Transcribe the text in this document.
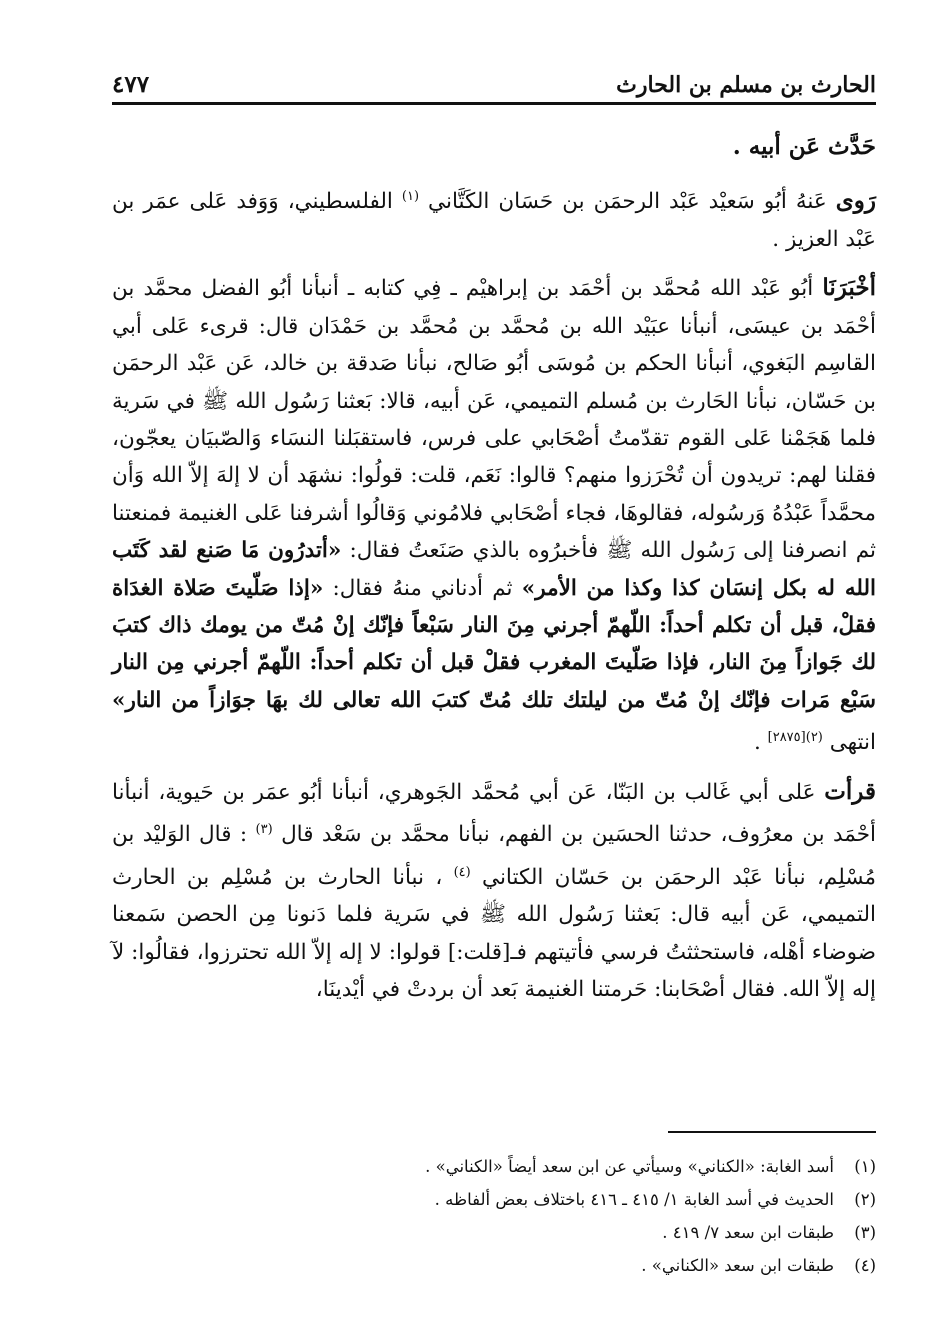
الحارث بن مسلم بن الحارث
٤٧٧

حَدَّث عَن أبيه .

رَوى عَنهُ أبُو سَعيْد عَبْد الرحمَن بن حَسَان الكَتَّاني $^{(١)}$ الفلسطيني، وَوَفد عَلى عمَر بن عَبْد العزيز .

أخْبَرَنَا أبُو عَبْد الله مُحمَّد بن أحْمَد بن إبراهيْم ـ فِي كتابه ـ أنبأنا أبُو الفضل محمَّد بن أحْمَد بن عيسَى، أنبأنا عبَيْد الله بن مُحمَّد بن مُحمَّد بن حَمْدَان قال: قرىء عَلى أبي القاسِم البَغوي، أنبأنا الحكم بن مُوسَى أبُو صَالح، نبأنا صَدقة بن خالد، عَن عَبْد الرحمَن بن حَسّان، نبأنا الحَارث بن مُسلم التميمي، عَن أبيه، قالا: بَعثنا رَسُول الله ﷺ في سَرية فلما هَجَمْنا عَلى القوم تقدّمتُ أصْحَابي على فرس، فاستقبَلنا النسَاء وَالصّبيَان يعجّون، فقلنا لهم: تريدون أن تُحْرَزوا منهم؟ قالوا: نَعَم، قلت: قولُوا: نشهَد أن لا إلهَ إلاّ الله وَأن محمَّداً عَبْدُهُ وَرسُوله، فقالوهَا، فجاء أصْحَابي فلامُوني وَقالُوا أشرفنا عَلى الغنيمة فمنعتنا ثم انصرفنا إلى رَسُول الله ﷺ فأخبرُوه بالذي صَنَعتُ فقال: «أتدرُون مَا صَنع لقد كَتَب الله له بكل إنسَان كذا وكذا من الأمر» ثم أدناني منهُ فقال: «إذا صَلّيتَ صَلاة الغدَاة فقلْ، قبل أن تكلم أحداً: اللّهمّ أجرني مِنَ النار سَبْعاً فإنّك إنْ مُتّ من يومك ذاك كتبَ لك جَوازاً مِنَ النار، فإذا صَلّيتَ المغرب فقلْ قبل أن تكلم أحداً: اللّهمّ أجرني مِن النار سَبْع مَرات فإنّك إنْ مُتّ من ليلتك تلك مُتّ كتبَ الله تعالى لك بهَا جوَازاً من النار» انتهى $^{(٢)[٢٨٧٥]}$ .

قرأت عَلى أبي غَالب بن البَنّا، عَن أبي مُحمَّد الجَوهري، أنبأنا أبُو عمَر بن حَيوية، أنبأنا أحْمَد بن معرُوف، حدثنا الحسَين بن الفهم، نبأنا محمَّد بن سَعْد قال $^{(٣)}$ : قال الوَليْد بن مُسْلِم، نبأنا عَبْد الرحمَن بن حَسّان الكتاني $^{(٤)}$ ، نبأنا الحارث بن مُسْلِم بن الحارث التميمي، عَن أبيه قال: بَعثنا رَسُول الله ﷺ في سَرية فلما دَنونا مِن الحصن سَمعنا ضوضاء أهْله، فاستحثثتُ فرسي فأتيتهم فـ[قلت:] قولوا: لا إله إلاّ الله تحترزوا، فقالُوا: لآ إله إلاّ الله. فقال أصْحَابنا: حَرمتنا الغنيمة بَعد أن بردتْ في أيْدينَا،

(١)
أسد الغابة: «الكناني» وسيأتي عن ابن سعد أيضاً «الكناني» .
(٢)
الحديث في أسد الغابة ١/ ٤١٥ ـ ٤١٦ باختلاف بعض ألفاظه .
(٣)
طبقات ابن سعد ٧/ ٤١٩ .
(٤)
طبقات ابن سعد «الكناني» .
